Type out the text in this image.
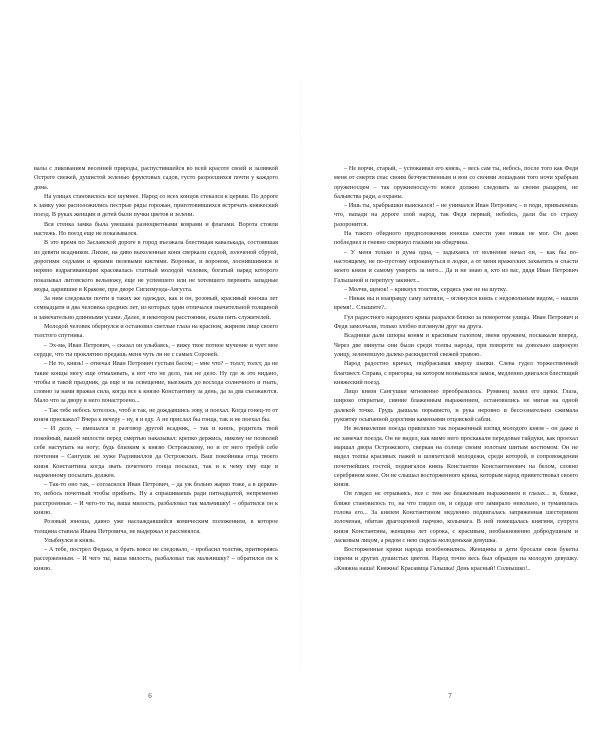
валы с ликованием весенней природы, распустившейся во всей красоте своей и заливкой Остреге свежей, душистой зеленью фруктовых садов, густо разросшихся почти у каждого дома.

На улицах становилось все шумнее. Народ со всех концов стекался к церкви. По дороге к замку уже расположились пестрые ряды горожан, приготовившихся встречать княжеский поезд. В руках женщин и детей были пучки цветов и зелени.

Вся стенка замка была увешана разноцветными коврами и флагами. Ворота стояли настежь. Но поезд еще не показывался.

В это время по Заславской дороге в город въезжала блестящая кавалькада, состоявшая из девяти всадников. Лихие, на диво выхоленные кони сверкали седлой, золоченой сбруей, дорогими седлами и яркими пелевыми кистями. Вороные, и вороном, лоснившимися и нервно вздрагивающим красовалась статный молодой человек, богатый наряд которого показывал литовского вельможу, еще не успевшего или не хотевшего перенять западные моды, царившие в Кракове, при дворе Сигизмунда-Августа.

За ним следовали почти в таких же одеждах, как и он, розовый, красивый юноша лет семнадцати и два человека средних лет, из которых один отличался значительной толщиной и замечательно длинными усами. Далее, в некотором расстоянии, ехали пять служителей.

Молодой человек обернулся и остановил светлые глаза на красном, жирном лице своего толстого спутника.

– Эх-ма, Иван Петрович, – сказал он улыбаясь, – вижу твое потное мучение и чует мое сердце, что ты проклятию предашь меня чуть ли не с самых Сороней.

– Не то, князь! – отвечал Иван Петрович густым басом; – мне что? – толст, толст, да не такие концы могу еще отмахивать, а вот что не дело, так не дело. Ну где ж это видано, чтобы в такой праздник, да еще и на освещение, выезжать до восхода солнечного и гнать, словно за нами вражья сила, когда все к князю Константину за день, да за два съезжаются. Мало что за двору в него понастроено...

– Так тебе небось хотелось, чтоб и так, не дождавшись зову, и поехал. Когда гонец-то от князя прискакал? Вчера к вечеру – ну, я и еду. А не прислал бы гонца, так и не поехал бы.

– И дело, – вмешался в разговор другой всадник, – так и князь, родитель твой покойный, вашей милости перед смертью наказывал: крепко держись, никому не позволяй себе наступать на ногу; будь близким к князю Острожскому, но и от него требуй себе почтения – Сангушк не хуже Радзивиллов да Острожских. Ваш покойника отца твоего князя Константина когда звать почетного гонца посылал, так и к чему ему еще и надменному посылать должен.

– Так-то оно так, – согласился Иван Петрович, – да уж больно жарко тоже, а в церкви-то, небось почетный чтобы прибыть. Ну а спрашиваешь ради пятнадцатой, непременно расстроенные. – И чего-то ты, ваша милость, разбаловал так мальчишку! – обратился он к князю.

Розовый юноша, давно уже наслаждавшийся комическим положением, в которое толщина ставила Ивана Петровича, не выдержал и рассмеялся.

Улыбнулся и князь.

– А тебе, пострел Федька, и брать вовсе не следовало, – пробасил толстяк, притворяясь рассерженным. – И чего ты, ваша милость, разбаловал так мальчишку? – обратился он к князю.

6

– Не ворчи, старый, – успокаивал его князь, – весь сам ты, небось, после того как Федя меня от смерти спас своим безчувственным и вон со своими лошадьми того ночи храбрым оруженосцем – так оружиеносцу-то вовсе должно следовать за своим рыцарем, не балывства ради, а охраны.

– Ишь ты, храбрышки выискался! – не унимался Иван Петрович; – в поди, привыкнешь что, напади на дороге злой народ, так Федя первый, небойсь, дали бы со страху разоронится.

На такого обидного предположения юноша смести уже никак не мог. Он даже побледнел и гневно сверкнул глазами на обидчика.

– У меня только и дума одна, – задыхаясь от волнения начал он, – как бы по-настоящему, не по-пустому опрокинуться в лодки, а от меня вражеских захватить и спасти моего князя и самому умереть за него... Да и не знаю я, кто из вас, дядя Иван Петрович Гальшаной и перепугу закинет...

– Молчи, щенок! – крикнул толстяк, сердясь уже не на шутку.

– Никак вы и взаправду саму затеяли, – оглянулся князь с недовольным видом, – нашли время!.. Слышите?..

Гул радостного народного крика разрался близко за поворотом улицы. Иван Петрович и Федя замолчали, только злобно взглянули друг на друга.

Всадники дали шпоры коням и красивым галопом, звеня оружием, поскакали вперед. Через две минуты они были среди толпы народа, при повороте на довольно широкую улицу, зеленевшую далеко раскидистой свежей травою.

Народ радостно кричал, подбрасывая кверху шапки. Слева гудел торжественный благовест. Справа, с пригорка, на котором возвышался замок, медленно двигался блестящий княжеский поезд.

Лицо князя Сангушки мгновенно преобразилось. Румянец залил его щеки. Глаза, широко открытые, сияние блаженным выражением, остановились не мигая на одной далекой точке. Грудь дышала порывисто, и рука неровно и бессознательно сжимала рукоятку осыпанной дорогими каменьями отцовской сабли.

Не великолепие поезда привлекло так пораженный взгляд молодого князя – он даже и не замечал поезда. Он не видел, как мимо него проскакали передовые гайдуки, как проехал маршал двора Острожского, сверкая на солнце своим золотым шитым костюмом. Он не видел толпы красивых пажей и шляхетской молодежи, среди которой, в сопровождении почетнейших гостей, подвигался князь Константин Константинович на белом, словно серебряном коне. Он не слышал восторженного крика, которым народ приветствовал своего князя.

Он глядел не отрываясь, все с тем же блаженным выражением в глазах... и, ближе, ближе становилось то, на что глядел он, и сердце его замирало невольно, и туманилась голова его... За князем Константином медленно подвигалась запряженная шестериком золоченая, обитая драгоценной парчою, колымага. В ней помещалась княгиня, супруга князя Константина, женщина лет сорока, с красивым, необыкновенно добродушным и ласковым лицом, а рядом с нею сидела молоденькая девушка.

Восторженные крики народа возобновились. Женщины и дети бросали свои букеты сирени и других душистых цветов. Народ точно весь был обращен на молодую девушку. «Княжна наша! Княжна! Красавица Гальшка! День красный! Солнышко!..

7
